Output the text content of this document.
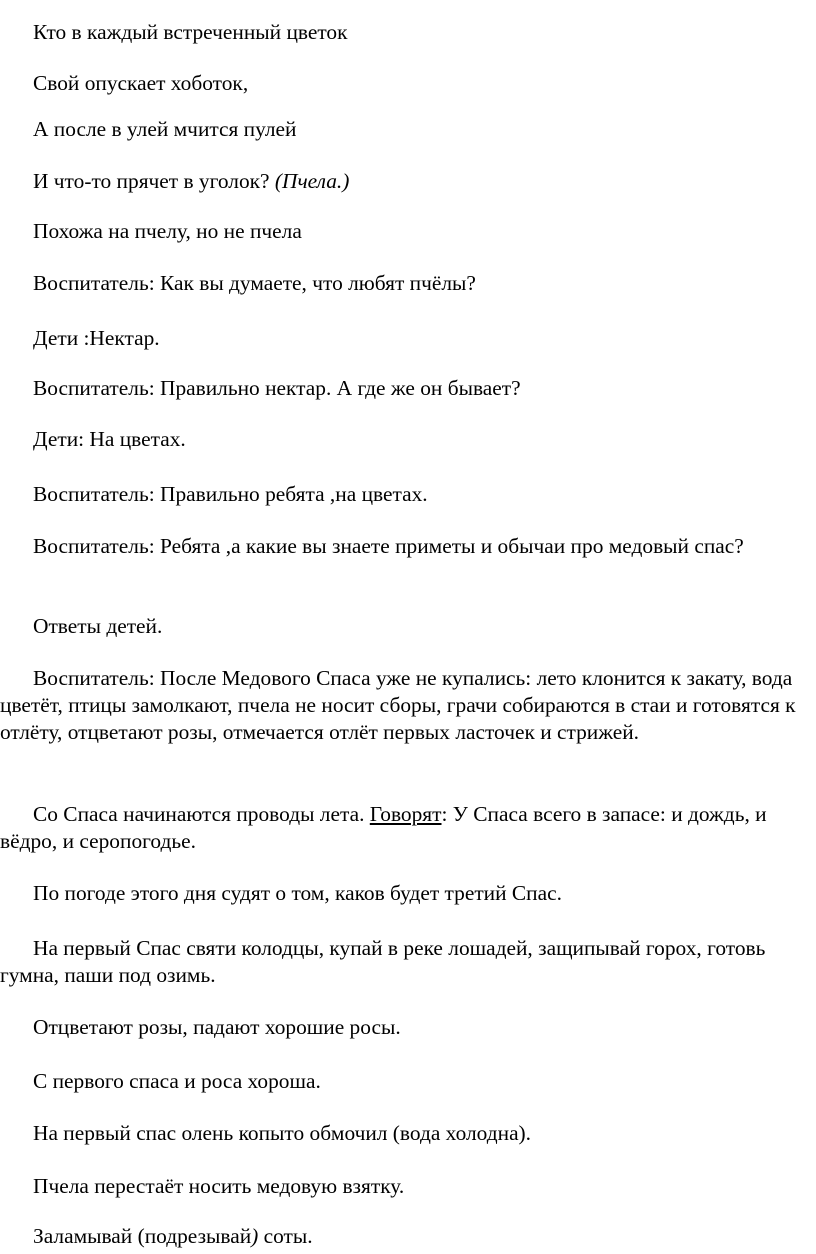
Кто в каждый встреченный цветок

Свой опускает хоботок,

А после в улей мчится пулей

И что-то прячет в уголок? (Пчела.)

Похожа на пчелу, но не пчела

Воспитатель: Как вы думаете, что любят пчёлы?

Дети :Нектар.

Воспитатель: Правильно нектар. А где же он бывает?

Дети: На цветах.

Воспитатель: Правильно ребята ,на цветах.

Воспитатель: Ребята ,а какие вы знаете приметы и обычаи про медовый спас?

Ответы детей.

Воспитатель: После Медового Спаса уже не купались: лето клонится к закату, вода цветёт, птицы замолкают, пчела не носит сборы, грачи собираются в стаи и готовятся к отлёту, отцветают розы, отмечается отлёт первых ласточек и стрижей.

Со Спаса начинаются проводы лета. Говорят: У Спаса всего в запасе: и дождь, и вёдро, и серопогодье.

По погоде этого дня судят о том, каков будет третий Спас.

На первый Спас святи колодцы, купай в реке лошадей, защипывай горох, готовь гумна, паши под озимь.

Отцветают розы, падают хорошие росы.

С первого спаса и роса хороша.

На первый спас олень копыто обмочил (вода холодна).

Пчела перестаёт носить медовую взятку.

Заламывай (подрезывай) соты.
